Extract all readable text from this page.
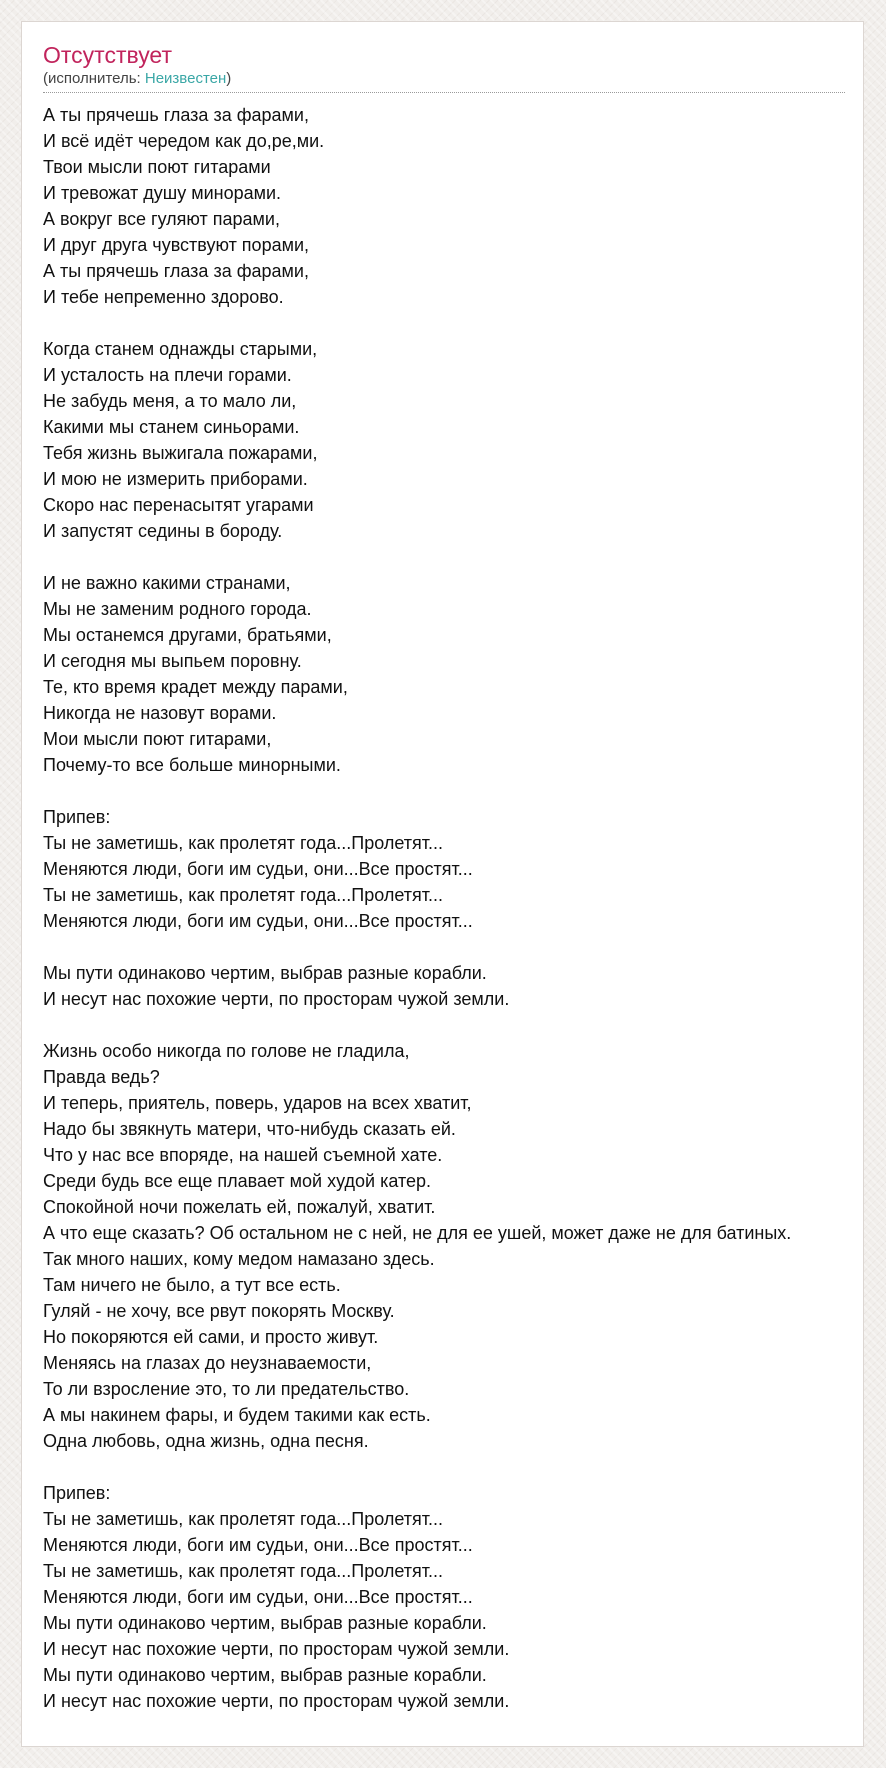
Отсутствует
(исполнитель: Неизвестен)
А ты прячешь глаза за фарами,
И всё идёт чередом как до,ре,ми.
Твои мысли поют гитарами
И тревожат душу минорами.
А вокруг все гуляют парами,
И друг друга чувствуют порами,
А ты прячешь глаза за фарами,
И тебе непременно здорово.
Когда станем однажды старыми,
И усталость на плечи горами.
Не забудь меня, а то мало ли,
Какими мы станем синьорами.
Тебя жизнь выжигала пожарами,
И мою не измерить приборами.
Скоро нас перенасытят угарами
И запустят седины в бороду.
И не важно какими странами,
Мы не заменим родного города.
Мы останемся другами, братьями,
И сегодня мы выпьем поровну.
Те, кто время крадет между парами,
Никогда не назовут ворами.
Мои мысли поют гитарами,
Почему-то все больше минорными.
Припев:
Ты не заметишь, как пролетят года...Пролетят...
Меняются люди, боги им судьи, они...Все простят...
Ты не заметишь, как пролетят года...Пролетят...
Меняются люди, боги им судьи, они...Все простят...
Мы пути одинаково чертим, выбрав разные корабли.
И несут нас похожие черти, по просторам чужой земли.
Жизнь особо никогда по голове не гладила,
Правда ведь?
И теперь, приятель, поверь, ударов на всех хватит,
Надо бы звякнуть матери, что-нибудь сказать ей.
Что у нас все впоряде, на нашей съемной хате.
Среди будь все еще плавает мой худой катер.
Спокойной ночи пожелать ей, пожалуй, хватит.
А что еще сказать? Об остальном не с ней, не для ее ушей, может даже не для батиных.
Так много наших, кому медом намазано здесь.
Там ничего не было, а тут все есть.
Гуляй - не хочу, все рвут покорять Москву.
Но покоряются ей сами, и просто живут.
Меняясь на глазах до неузнаваемости,
То ли взросление это, то ли предательство.
А мы накинем фары, и будем такими как есть.
Одна любовь, одна жизнь, одна песня.
Припев:
Ты не заметишь, как пролетят года...Пролетят...
Меняются люди, боги им судьи, они...Все простят...
Ты не заметишь, как пролетят года...Пролетят...
Меняются люди, боги им судьи, они...Все простят...
Мы пути одинаково чертим, выбрав разные корабли.
И несут нас похожие черти, по просторам чужой земли.
Мы пути одинаково чертим, выбрав разные корабли.
И несут нас похожие черти, по просторам чужой земли.
